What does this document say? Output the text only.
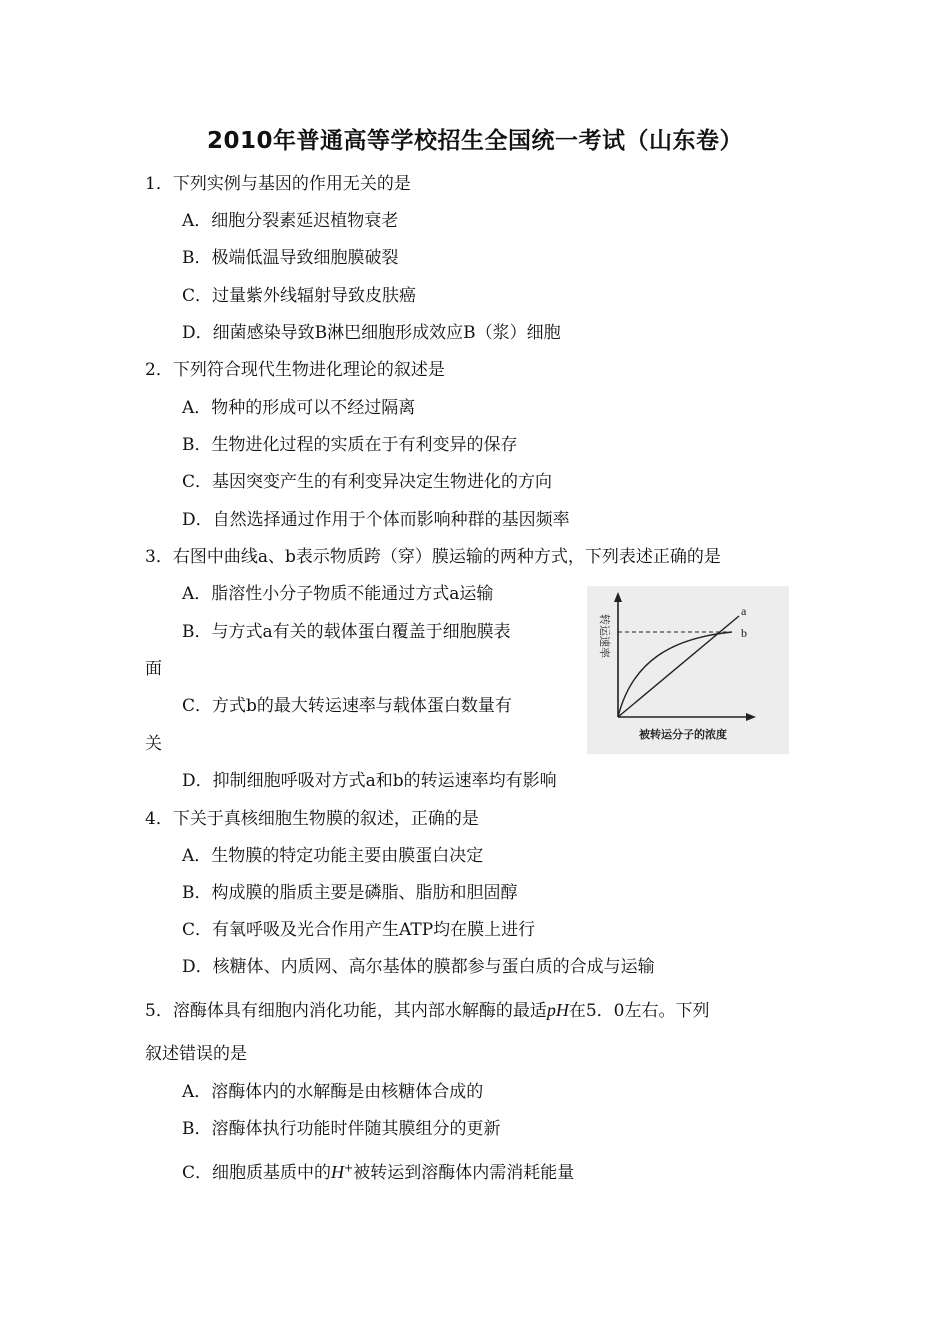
2010年普通高等学校招生全国统一考试（山东卷）
1．下列实例与基因的作用无关的是
A．细胞分裂素延迟植物衰老
B．极端低温导致细胞膜破裂
C．过量紫外线辐射导致皮肤癌
D．细菌感染导致B淋巴细胞形成效应B（浆）细胞
2．下列符合现代生物进化理论的叙述是
A．物种的形成可以不经过隔离
B．生物进化过程的实质在于有利变异的保存
C．基因突变产生的有利变异决定生物进化的方向
D．自然选择通过作用于个体而影响种群的基因频率
3．右图中曲线a、b表示物质跨（穿）膜运输的两种方式，下列表述正确的是
A．脂溶性小分子物质不能通过方式a运输
B．与方式a有关的载体蛋白覆盖于细胞膜表
面
C．方式b的最大转运速率与载体蛋白数量有
关
D．抑制细胞呼吸对方式a和b的转运速率均有影响
a
b
转运速率
被转运分子的浓度
4．下关于真核细胞生物膜的叙述，正确的是
A．生物膜的特定功能主要由膜蛋白决定
B．构成膜的脂质主要是磷脂、脂肪和胆固醇
C．有氧呼吸及光合作用产生ATP均在膜上进行
D．核糖体、内质网、高尔基体的膜都参与蛋白质的合成与运输
5．溶酶体具有细胞内消化功能，其内部水解酶的最适pH在5．0左右。下列
叙述错误的是
A．溶酶体内的水解酶是由核糖体合成的
B．溶酶体执行功能时伴随其膜组分的更新
C．细胞质基质中的H+被转运到溶酶体内需消耗能量
